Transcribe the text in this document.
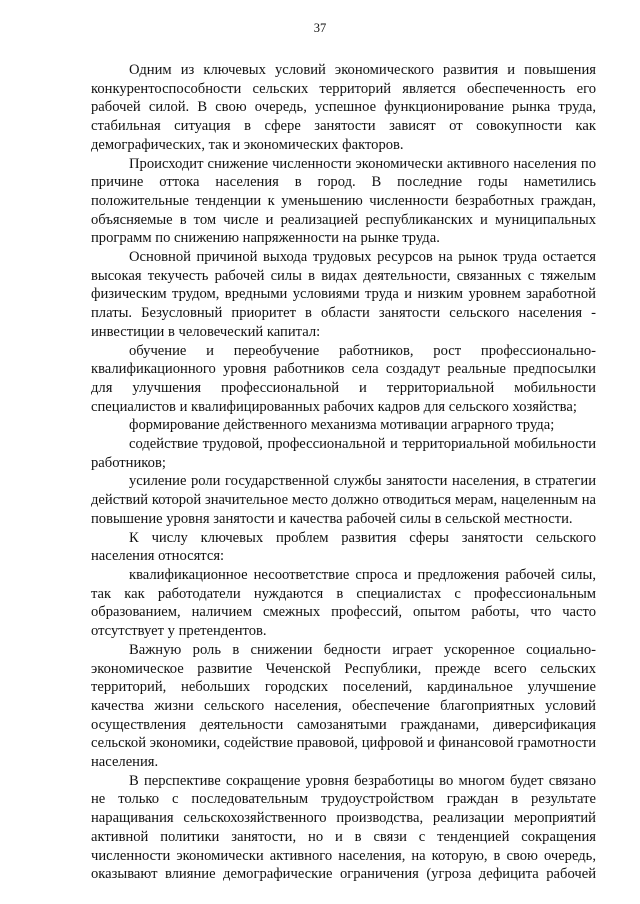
37

Одним из ключевых условий экономического развития и повышения конкурентоспособности сельских территорий является обеспеченность его рабочей силой. В свою очередь, успешное функционирование рынка труда, стабильная ситуация в сфере занятости зависят от совокупности как демографических, так и экономических факторов.

Происходит снижение численности экономически активного населения по причине оттока населения в город. В последние годы наметились положительные тенденции к уменьшению численности безработных граждан, объясняемые в том числе и реализацией республиканских и муниципальных программ по снижению напряженности на рынке труда.

Основной причиной выхода трудовых ресурсов на рынок труда остается высокая текучесть рабочей силы в видах деятельности, связанных с тяжелым физическим трудом, вредными условиями труда и низким уровнем заработной платы. Безусловный приоритет в области занятости сельского населения - инвестиции в человеческий капитал:

обучение и переобучение работников, рост профессионально-квалификационного уровня работников села создадут реальные предпосылки для улучшения профессиональной и территориальной мобильности специалистов и квалифицированных рабочих кадров для сельского хозяйства;

формирование действенного механизма мотивации аграрного труда;

содействие трудовой, профессиональной и территориальной мобильности работников;

усиление роли государственной службы занятости населения, в стратегии действий которой значительное место должно отводиться мерам, нацеленным на повышение уровня занятости и качества рабочей силы в сельской местности.

К числу ключевых проблем развития сферы занятости сельского населения относятся:

квалификационное несоответствие спроса и предложения рабочей силы, так как работодатели нуждаются в специалистах с профессиональным образованием, наличием смежных профессий, опытом работы, что часто отсутствует у претендентов.

Важную роль в снижении бедности играет ускоренное социально-экономическое развитие Чеченской Республики, прежде всего сельских территорий, небольших городских поселений, кардинальное улучшение качества жизни сельского населения, обеспечение благоприятных условий осуществления деятельности самозанятыми гражданами, диверсификация сельской экономики, содействие правовой, цифровой и финансовой грамотности населения.

В перспективе сокращение уровня безработицы во многом будет связано не только с последовательным трудоустройством граждан в результате наращивания сельскохозяйственного производства, реализации мероприятий активной политики занятости, но и в связи с тенденцией сокращения численности экономически активного населения, на которую, в свою очередь, оказывают влияние демографические ограничения (угроза дефицита рабочей
